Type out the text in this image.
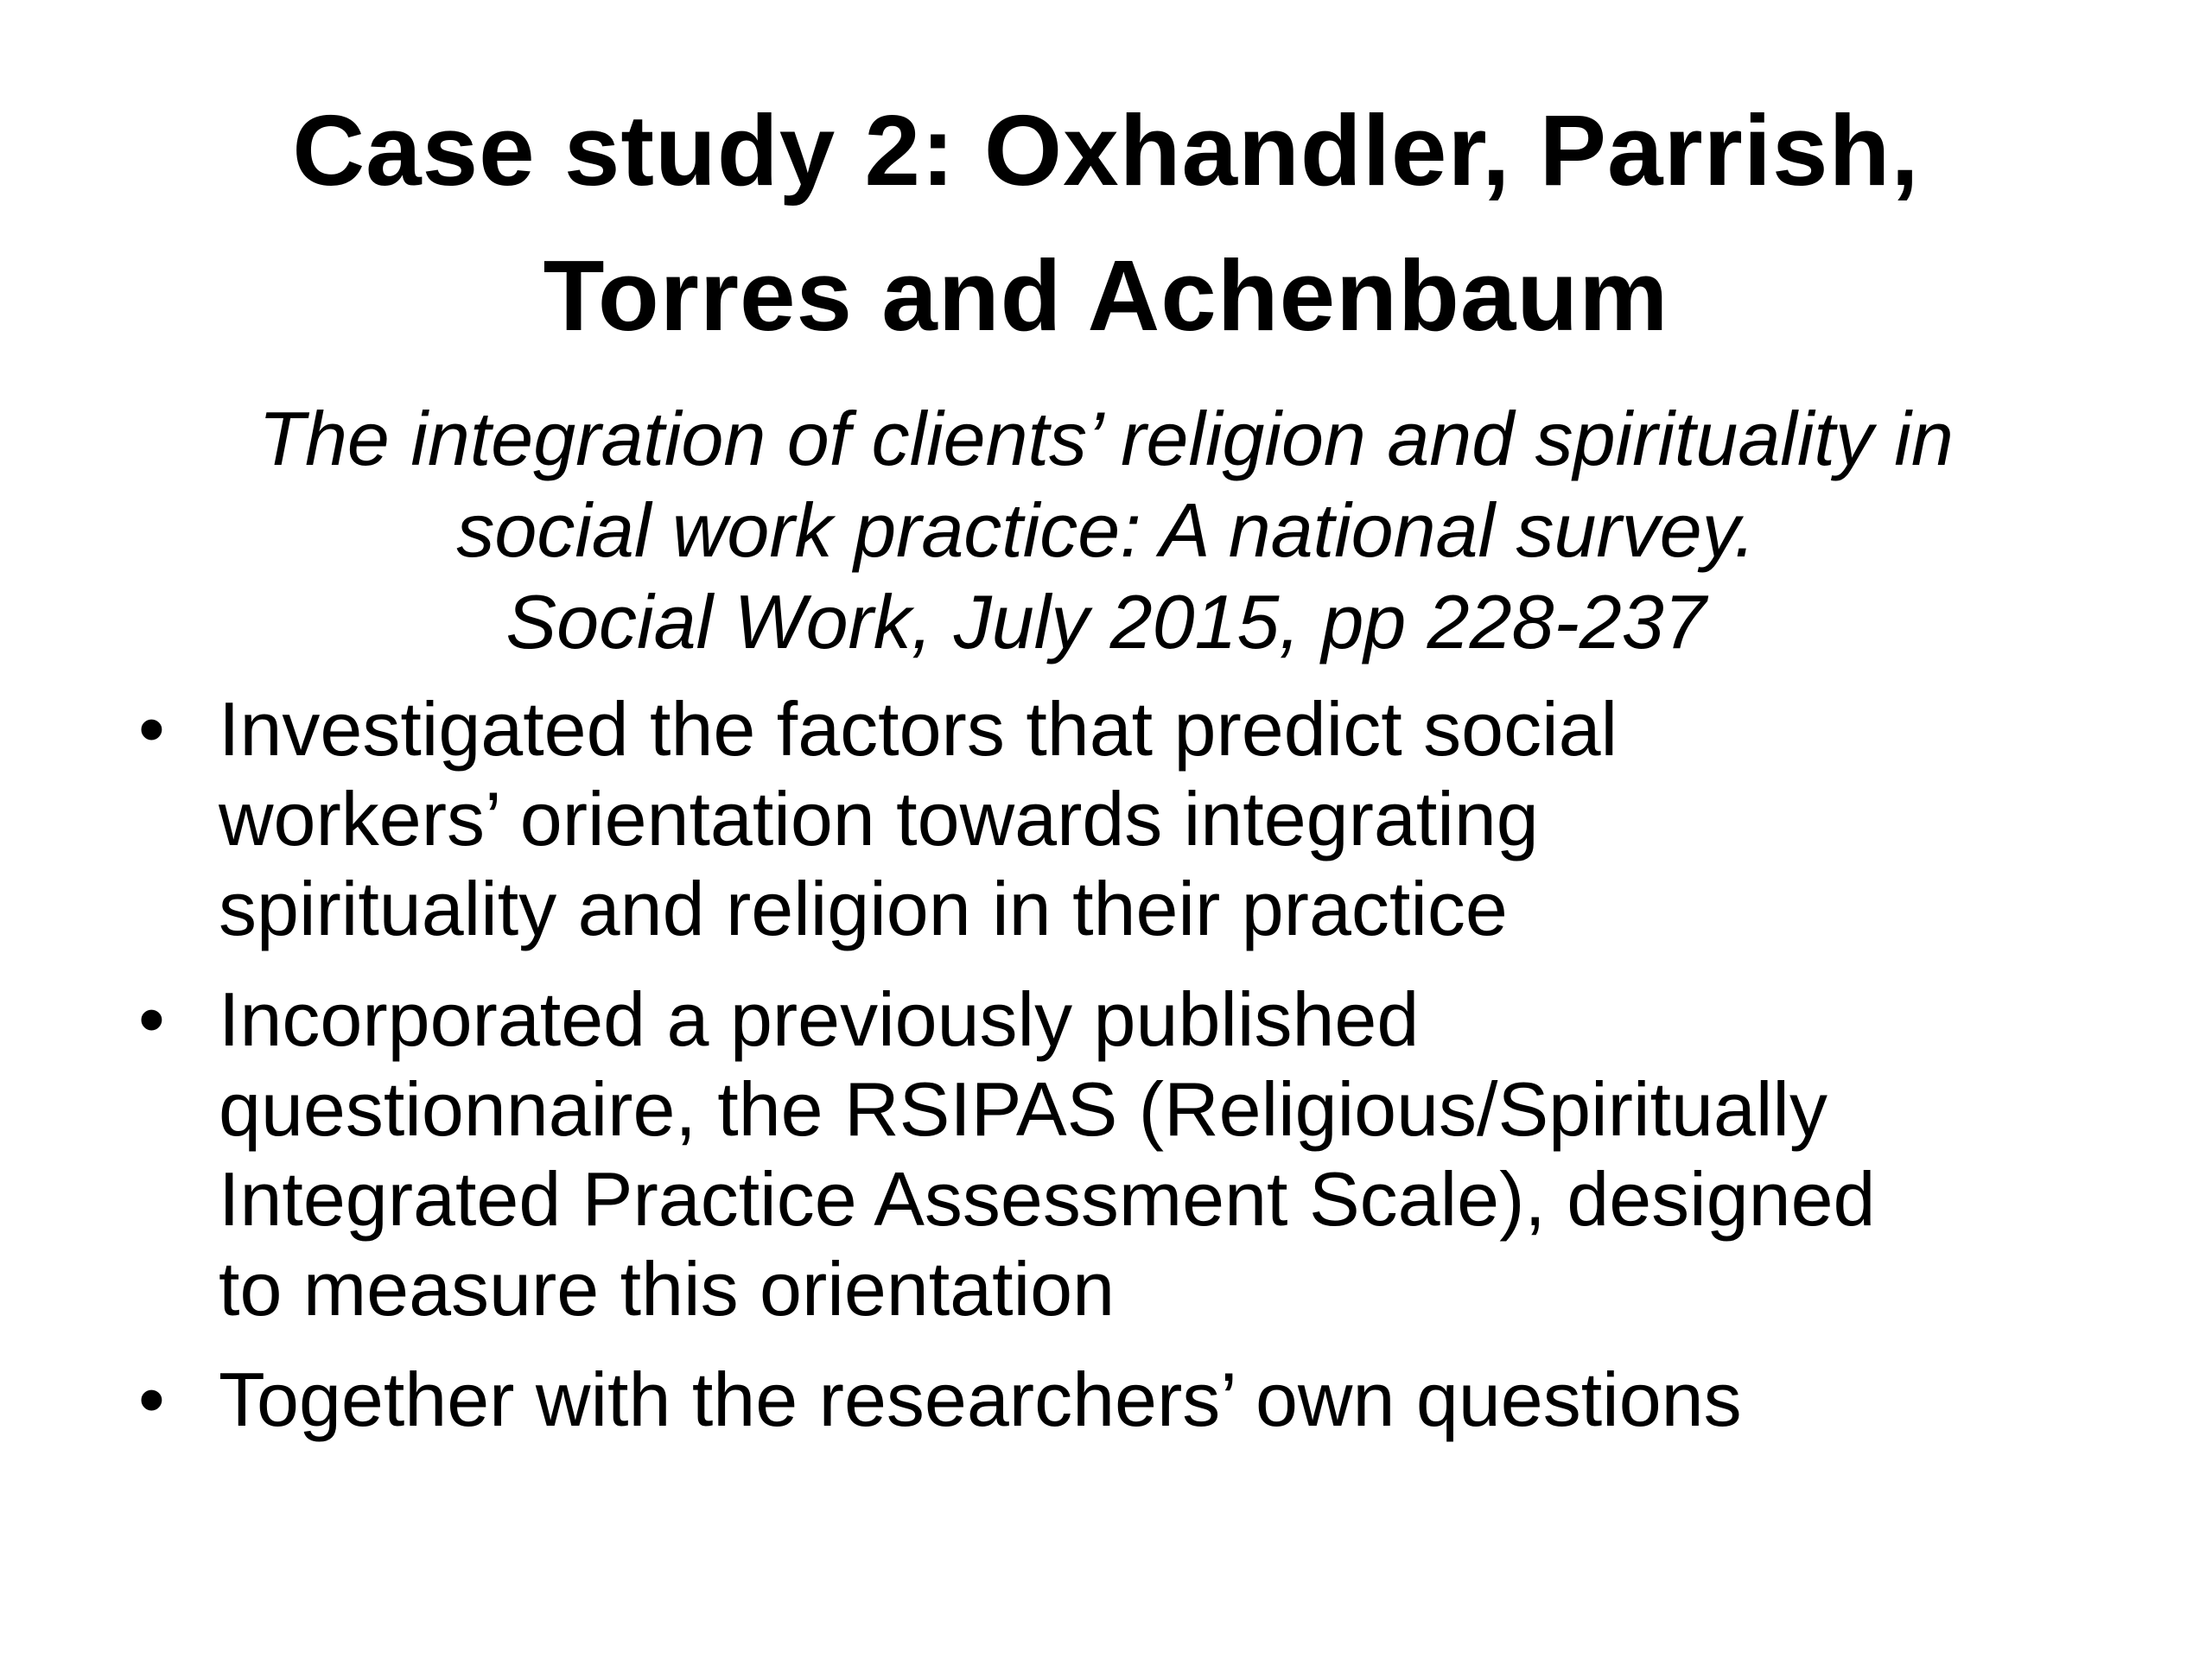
Case study 2: Oxhandler, Parrish,
Torres and Achenbaum

The integration of clients’ religion and spirituality in
social work practice: A national survey.
Social Work, July 2015, pp 228-237

• Investigated the factors that predict social
workers’ orientation towards integrating
spirituality and religion in their practice
• Incorporated a previously published
questionnaire, the RSIPAS (Religious/Spiritually
Integrated Practice Assessment Scale), designed
to measure this orientation
• Together with the researchers’ own questions
